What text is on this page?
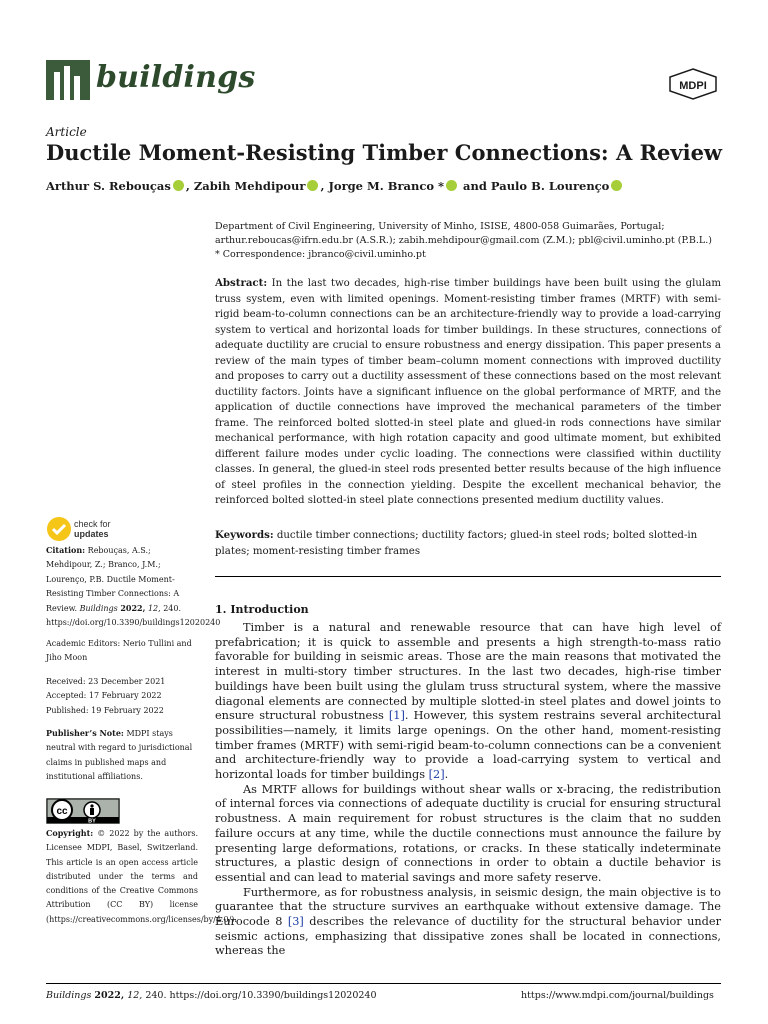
buildings	MDPI
Article
Ductile Moment-Resisting Timber Connections: A Review
Arthur S. Rebouças , Zabih Mehdipour , Jorge M. Branco * and Paulo B. Lourenço
Department of Civil Engineering, University of Minho, ISISE, 4800-058 Guimarães, Portugal;
arthur.reboucas@ifrn.edu.br (A.S.R.); zabih.mehdipour@gmail.com (Z.M.); pbl@civil.uminho.pt (P.B.L.)
* Correspondence: jbranco@civil.uminho.pt
Abstract: In the last two decades, high-rise timber buildings have been built using the glulam truss system, even with limited openings. Moment-resisting timber frames (MRTF) with semi-rigid beam-to-column connections can be an architecture-friendly way to provide a load-carrying system to vertical and horizontal loads for timber buildings. In these structures, connections of adequate ductility are crucial to ensure robustness and energy dissipation. This paper presents a review of the main types of timber beam–column moment connections with improved ductility and proposes to carry out a ductility assessment of these connections based on the most relevant ductility factors. Joints have a significant influence on the global performance of MRTF, and the application of ductile connections have improved the mechanical parameters of the timber frame. The reinforced bolted slotted-in steel plate and glued-in rods connections have similar mechanical performance, with high rotation capacity and good ultimate moment, but exhibited different failure modes under cyclic loading. The connections were classified within ductility classes. In general, the glued-in steel rods presented better results because of the high influence of steel profiles in the connection yielding. Despite the excellent mechanical behavior, the reinforced bolted slotted-in steel plate connections presented medium ductility values.
Keywords: ductile timber connections; ductility factors; glued-in steel rods; bolted slotted-in plates; moment-resisting timber frames
check for
updates
Citation: Rebouças, A.S.; Mehdipour, Z.; Branco, J.M.; Lourenço, P.B. Ductile Moment-Resisting Timber Connections: A Review. Buildings 2022, 12, 240. https://doi.org/10.3390/buildings12020240
Academic Editors: Nerio Tullini and Jiho Moon
Received: 23 December 2021
Accepted: 17 February 2022
Published: 19 February 2022
Publisher’s Note: MDPI stays neutral with regard to jurisdictional claims in published maps and institutional affiliations.
cc
BY
Copyright: © 2022 by the authors. Licensee MDPI, Basel, Switzerland. This article is an open access article distributed under the terms and conditions of the Creative Commons Attribution (CC BY) license (https://creativecommons.org/licenses/by/4.0/).
1. Introduction

Timber is a natural and renewable resource that can have high level of prefabrication; it is quick to assemble and presents a high strength-to-mass ratio favorable for building in seismic areas. Those are the main reasons that motivated the interest in multi-story timber structures. In the last two decades, high-rise timber buildings have been built using the glulam truss structural system, where the massive diagonal elements are connected by multiple slotted-in steel plates and dowel joints to ensure structural robustness [1]. However, this system restrains several architectural possibilities—namely, it limits large openings. On the other hand, moment-resisting timber frames (MRTF) with semi-rigid beam-to-column connections can be a convenient and architecture-friendly way to provide a load-carrying system to vertical and horizontal loads for timber buildings [2].

As MRTF allows for buildings without shear walls or x-bracing, the redistribution of internal forces via connections of adequate ductility is crucial for ensuring structural robustness. A main requirement for robust structures is the claim that no sudden failure occurs at any time, while the ductile connections must announce the failure by presenting large deformations, rotations, or cracks. In these statically indeterminate structures, a plastic design of connections in order to obtain a ductile behavior is essential and can lead to material savings and more safety reserve.

Furthermore, as for robustness analysis, in seismic design, the main objective is to guarantee that the structure survives an earthquake without extensive damage. The Eurocode 8 [3] describes the relevance of ductility for the structural behavior under seismic actions, emphasizing that dissipative zones shall be located in connections, whereas the

Buildings 2022, 12, 240. https://doi.org/10.3390/buildings12020240	https://www.mdpi.com/journal/buildings
